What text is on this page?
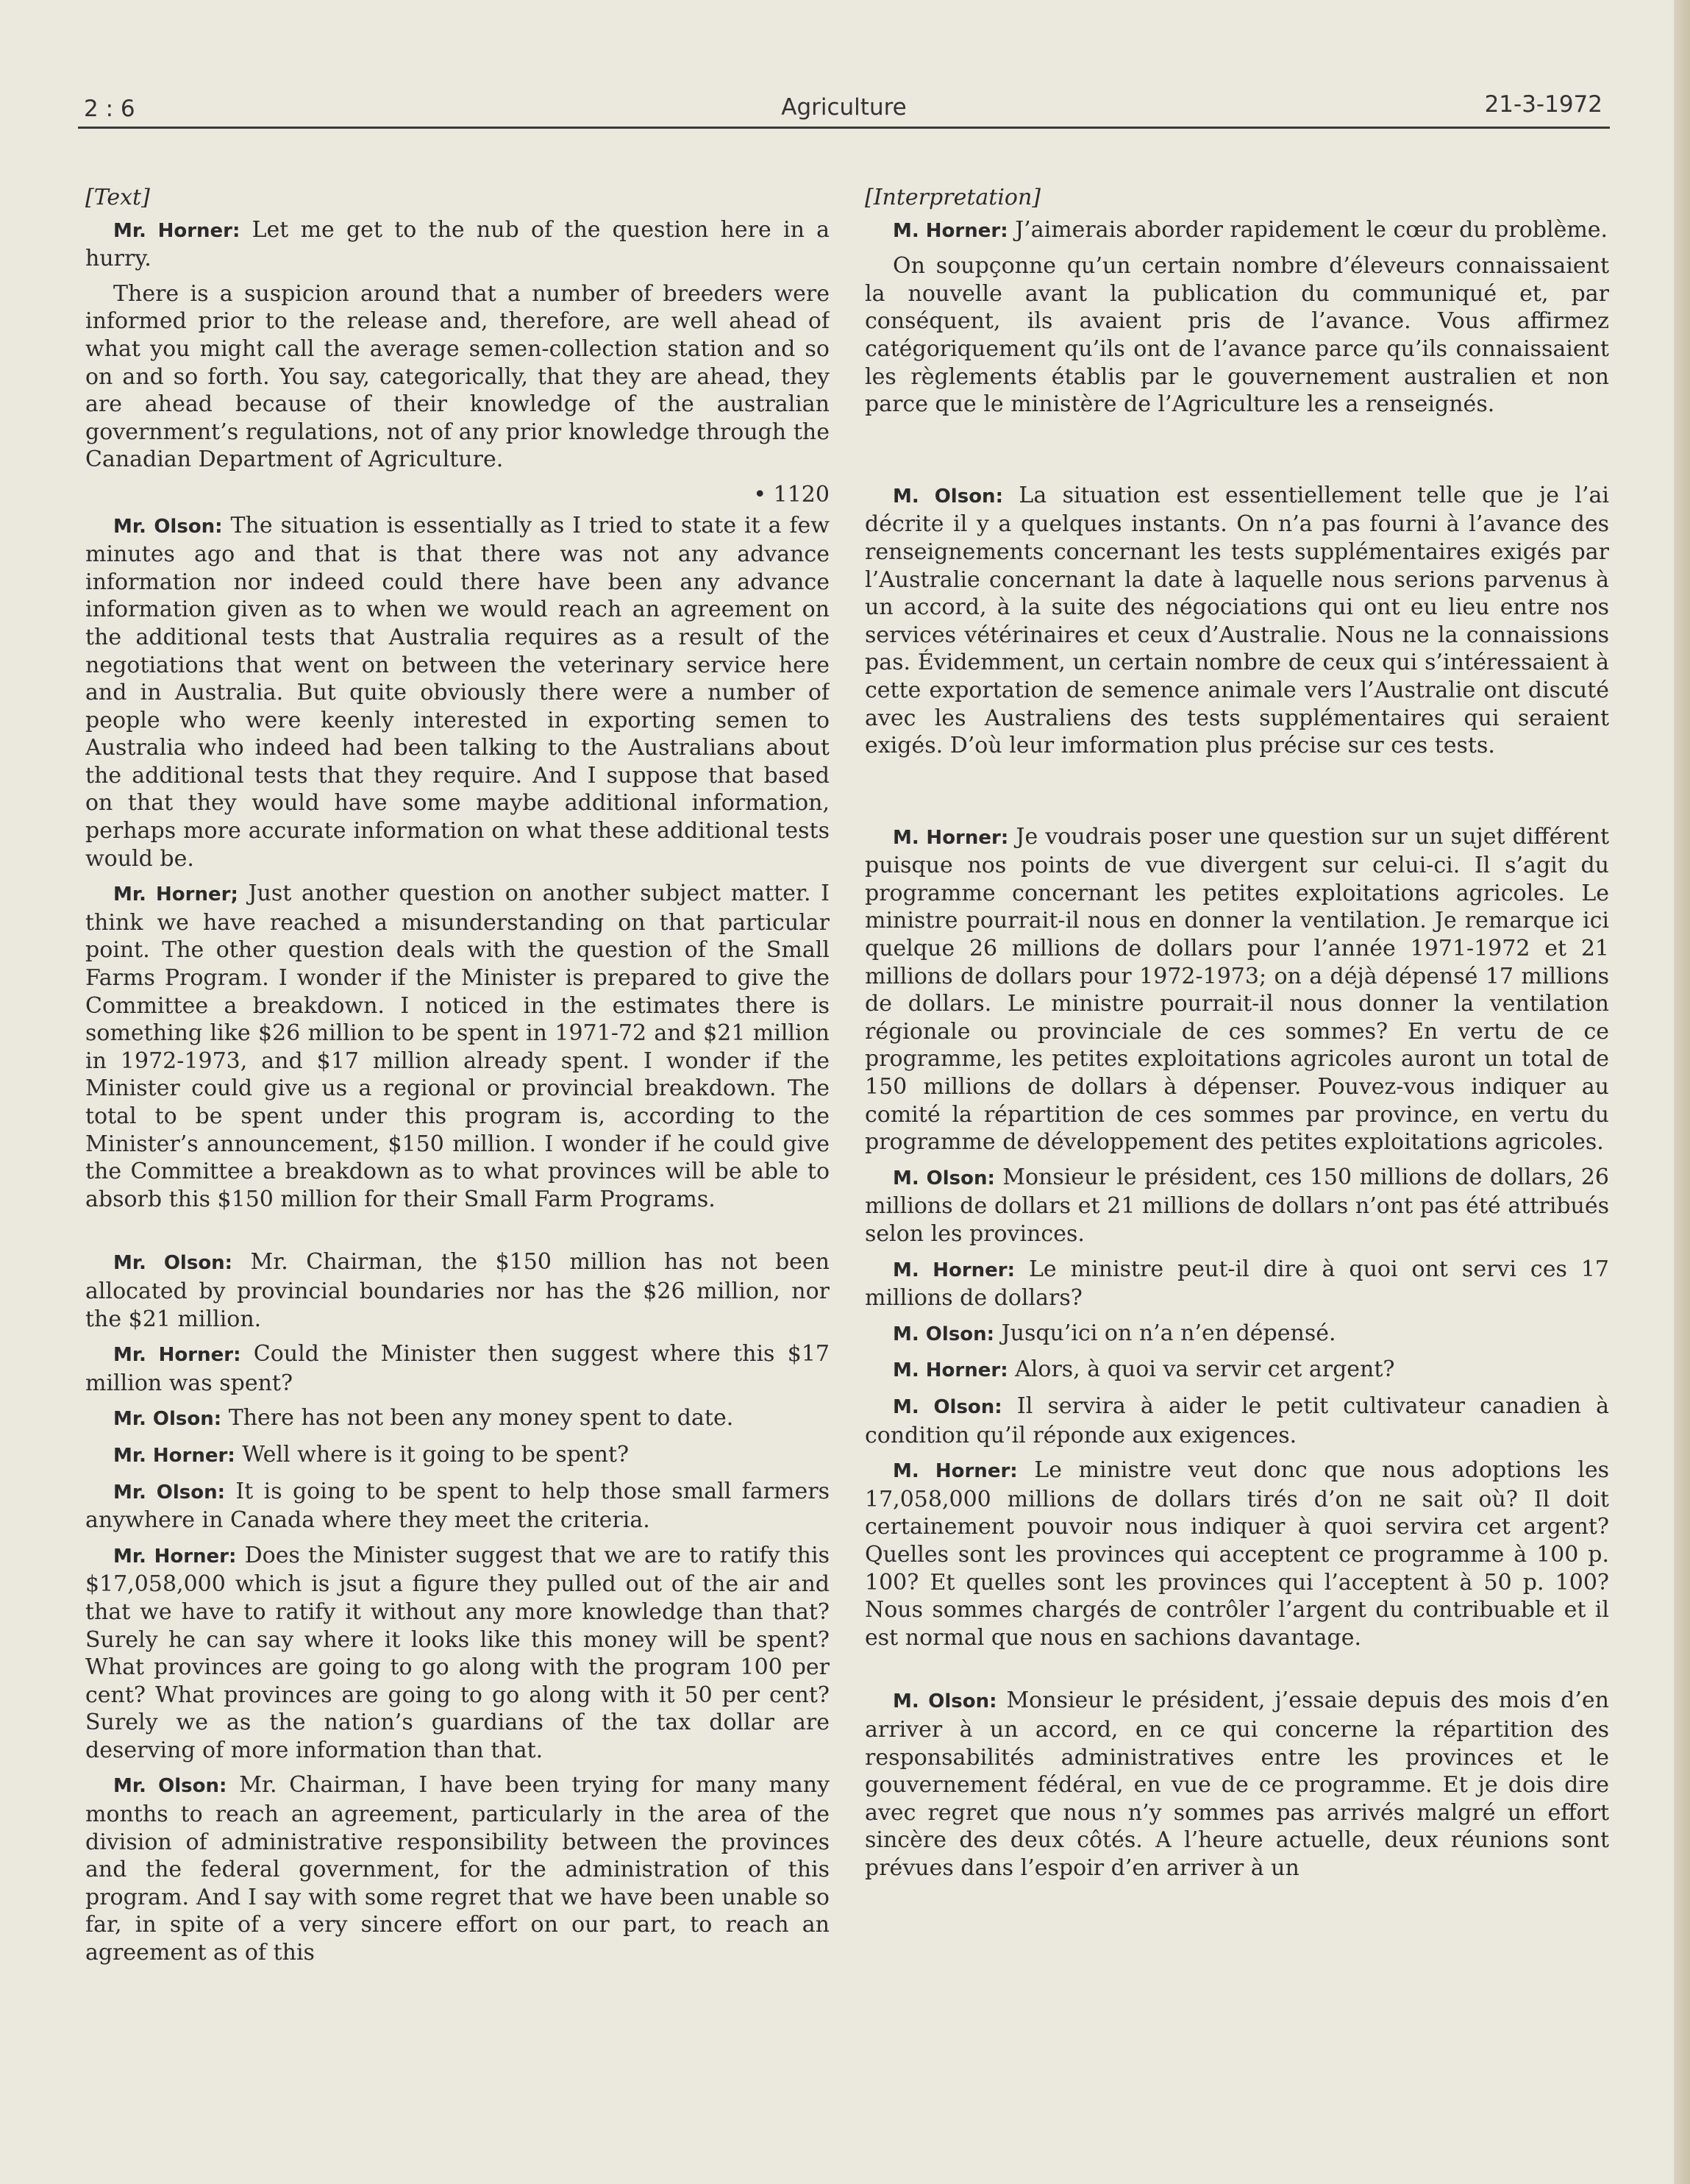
2 : 6	Agriculture	21-3-1972
[Text]

Mr. Horner: Let me get to the nub of the question here in a hurry.

There is a suspicion around that a number of breeders were informed prior to the release and, therefore, are well ahead of what you might call the average semen-collection station and so on and so forth. You say, categorically, that they are ahead, they are ahead because of their knowledge of the australian government’s regulations, not of any prior knowledge through the Canadian Department of Agriculture.

• 1120

Mr. Olson: The situation is essentially as I tried to state it a few minutes ago and that is that there was not any advance information nor indeed could there have been any advance information given as to when we would reach an agreement on the additional tests that Australia requires as a result of the negotiations that went on between the veterinary service here and in Australia. But quite obviously there were a number of people who were keenly interested in exporting semen to Australia who indeed had been talking to the Australians about the additional tests that they require. And I suppose that based on that they would have some maybe additional information, perhaps more accurate information on what these additional tests would be.

Mr. Horner; Just another question on another subject matter. I think we have reached a misunderstanding on that particular point. The other question deals with the question of the Small Farms Program. I wonder if the Minister is prepared to give the Committee a breakdown. I noticed in the estimates there is something like $26 million to be spent in 1971-72 and $21 million in 1972-1973, and $17 million already spent. I wonder if the Minister could give us a regional or provincial breakdown. The total to be spent under this program is, according to the Minister’s announcement, $150 million. I wonder if he could give the Committee a breakdown as to what provinces will be able to absorb this $150 million for their Small Farm Programs.

Mr. Olson: Mr. Chairman, the $150 million has not been allocated by provincial boundaries nor has the $26 million, nor the $21 million.

Mr. Horner: Could the Minister then suggest where this $17 million was spent?

Mr. Olson: There has not been any money spent to date.

Mr. Horner: Well where is it going to be spent?

Mr. Olson: It is going to be spent to help those small farmers anywhere in Canada where they meet the criteria.

Mr. Horner: Does the Minister suggest that we are to ratify this $17,058,000 which is jsut a figure they pulled out of the air and that we have to ratify it without any more knowledge than that? Surely he can say where it looks like this money will be spent? What provinces are going to go along with the program 100 per cent? What provinces are going to go along with it 50 per cent? Surely we as the nation’s guardians of the tax dollar are deserving of more information than that.

Mr. Olson: Mr. Chairman, I have been trying for many many months to reach an agreement, particularly in the area of the division of administrative responsibility between the provinces and the federal government, for the administration of this program. And I say with some regret that we have been unable so far, in spite of a very sincere effort on our part, to reach an agreement as of this

[Interpretation]

M. Horner: J’aimerais aborder rapidement le cœur du problème.

On soupçonne qu’un certain nombre d’éleveurs connaissaient la nouvelle avant la publication du communiqué et, par conséquent, ils avaient pris de l’avance. Vous affirmez catégoriquement qu’ils ont de l’avance parce qu’ils connaissaient les règlements établis par le gouvernement australien et non parce que le ministère de l’Agriculture les a renseignés.

M. Olson: La situation est essentiellement telle que je l’ai décrite il y a quelques instants. On n’a pas fourni à l’avance des renseignements concernant les tests supplémentaires exigés par l’Australie concernant la date à laquelle nous serions parvenus à un accord, à la suite des négociations qui ont eu lieu entre nos services vétérinaires et ceux d’Australie. Nous ne la connaissions pas. Évidemment, un certain nombre de ceux qui s’intéressaient à cette exportation de semence animale vers l’Australie ont discuté avec les Australiens des tests supplémentaires qui seraient exigés. D’où leur imformation plus précise sur ces tests.

M. Horner: Je voudrais poser une question sur un sujet différent puisque nos points de vue divergent sur celui-ci. Il s’agit du programme concernant les petites exploitations agricoles. Le ministre pourrait-il nous en donner la ventilation. Je remarque ici quelque 26 millions de dollars pour l’année 1971-1972 et 21 millions de dollars pour 1972-1973; on a déjà dépensé 17 millions de dollars. Le ministre pourrait-il nous donner la ventilation régionale ou provinciale de ces sommes? En vertu de ce programme, les petites exploitations agricoles auront un total de 150 millions de dollars à dépenser. Pouvez-vous indiquer au comité la répartition de ces sommes par province, en vertu du programme de développement des petites exploitations agricoles.

M. Olson: Monsieur le président, ces 150 millions de dollars, 26 millions de dollars et 21 millions de dollars n’ont pas été attribués selon les provinces.

M. Horner: Le ministre peut-il dire à quoi ont servi ces 17 millions de dollars?

M. Olson: Jusqu’ici on n’a n’en dépensé.

M. Horner: Alors, à quoi va servir cet argent?

M. Olson: Il servira à aider le petit cultivateur canadien à condition qu’il réponde aux exigences.

M. Horner: Le ministre veut donc que nous adoptions les 17,058,000 millions de dollars tirés d’on ne sait où? Il doit certainement pouvoir nous indiquer à quoi servira cet argent? Quelles sont les provinces qui acceptent ce programme à 100 p. 100? Et quelles sont les provinces qui l’acceptent à 50 p. 100? Nous sommes chargés de contrôler l’argent du contribuable et il est normal que nous en sachions davantage.

M. Olson: Monsieur le président, j’essaie depuis des mois d’en arriver à un accord, en ce qui concerne la répartition des responsabilités administratives entre les provinces et le gouvernement fédéral, en vue de ce programme. Et je dois dire avec regret que nous n’y sommes pas arrivés malgré un effort sincère des deux côtés. A l’heure actuelle, deux réunions sont prévues dans l’espoir d’en arriver à un
